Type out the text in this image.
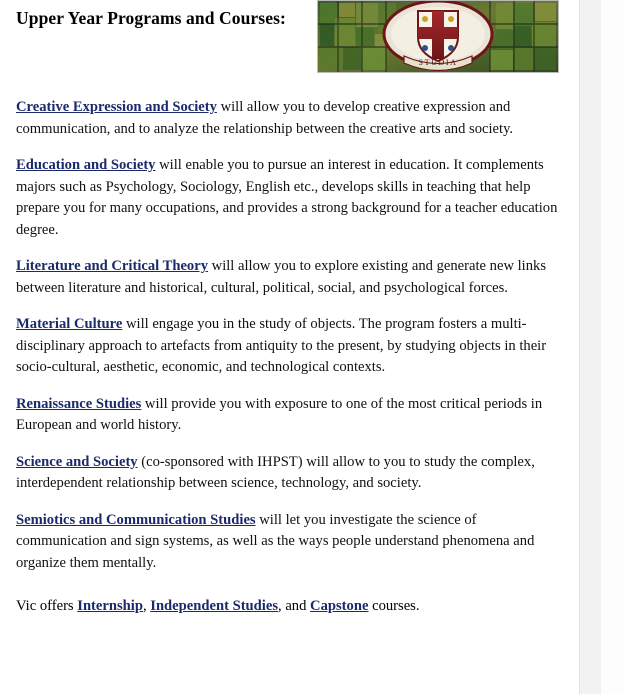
Upper Year Programs and Courses:
STUDIA

Creative Expression and Society will allow you to develop creative expression and communication, and to analyze the relationship between the creative arts and society.

Education and Society will enable you to pursue an interest in education. It complements majors such as Psychology, Sociology, English etc., develops skills in teaching that help prepare you for many occupations, and provides a strong background for a teacher education degree.

Literature and Critical Theory will allow you to explore existing and generate new links between literature and historical, cultural, political, social, and psychological forces.

Material Culture will engage you in the study of objects. The program fosters a multi-disciplinary approach to artefacts from antiquity to the present, by studying objects in their socio-cultural, aesthetic, economic, and technological contexts.

Renaissance Studies will provide you with exposure to one of the most critical periods in European and world history.

Science and Society (co-sponsored with IHPST) will allow to you to study the complex, interdependent relationship between science, technology, and society.

Semiotics and Communication Studies will let you investigate the science of communication and sign systems, as well as the ways people understand phenomena and organize them mentally.

Vic offers Internship, Independent Studies, and Capstone courses.
